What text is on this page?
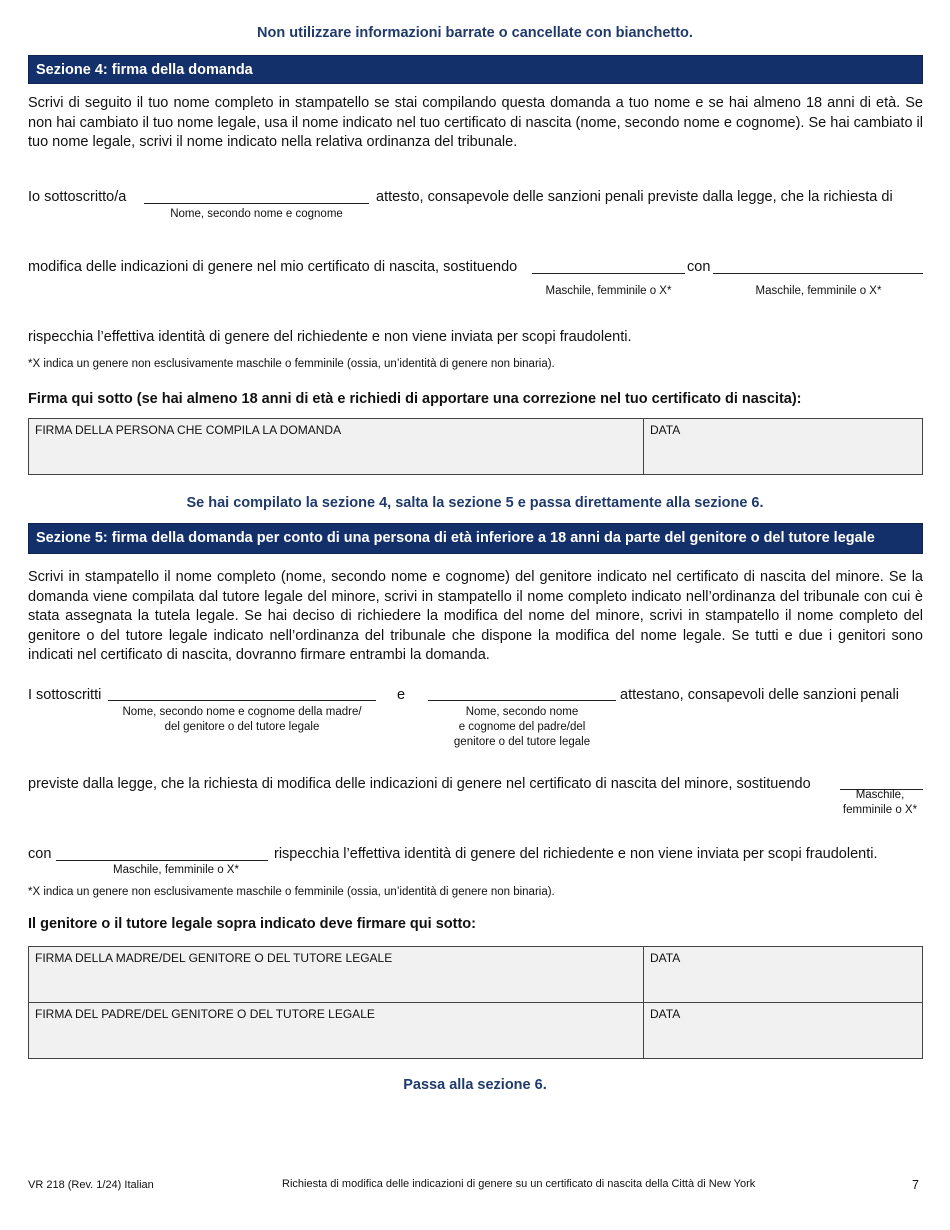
Non utilizzare informazioni barrate o cancellate con bianchetto.
Sezione 4: firma della domanda

Scrivi di seguito il tuo nome completo in stampatello se stai compilando questa domanda a tuo nome e se hai almeno 18 anni di età. Se non hai cambiato il tuo nome legale, usa il nome indicato nel tuo certificato di nascita (nome, secondo nome e cognome). Se hai cambiato il tuo nome legale, scrivi il nome indicato nella relativa ordinanza del tribunale.

Io sottoscritto/a
Nome, secondo nome e cognome
attesto, consapevole delle sanzioni penali previste dalla legge, che la richiesta di
modifica delle indicazioni di genere nel mio certificato di nascita, sostituendo
Maschile, femminile o X*
con
Maschile, femminile o X*
rispecchia l’effettiva identità di genere del richiedente e non viene inviata per scopi fraudolenti.
*X indica un genere non esclusivamente maschile o femminile (ossia, un’identità di genere non binaria).
Firma qui sotto (se hai almeno 18 anni di età e richiedi di apportare una correzione nel tuo certificato di nascita):
FIRMA DELLA PERSONA CHE COMPILA LA DOMANDA	DATA
Se hai compilato la sezione 4, salta la sezione 5 e passa direttamente alla sezione 6.
Sezione 5: firma della domanda per conto di una persona di età inferiore a 18 anni da parte del genitore o del tutore legale

Scrivi in stampatello il nome completo (nome, secondo nome e cognome) del genitore indicato nel certificato di nascita del minore. Se la domanda viene compilata dal tutore legale del minore, scrivi in stampatello il nome completo indicato nell’ordinanza del tribunale con cui è stata assegnata la tutela legale. Se hai deciso di richiedere la modifica del nome del minore, scrivi in stampatello il nome completo del genitore o del tutore legale indicato nell’ordinanza del tribunale che dispone la modifica del nome legale. Se tutti e due i genitori sono indicati nel certificato di nascita, dovranno firmare entrambi la domanda.

I sottoscritti
Nome, secondo nome e cognome della madre/
del genitore o del tutore legale
e
Nome, secondo nome
e cognome del padre/del
genitore o del tutore legale
attestano, consapevoli delle sanzioni penali
previste dalla legge, che la richiesta di modifica delle indicazioni di genere nel certificato di nascita del minore, sostituendo
Maschile,
femminile o X*
con
Maschile, femminile o X*
rispecchia l’effettiva identità di genere del richiedente e non viene inviata per scopi fraudolenti.
*X indica un genere non esclusivamente maschile o femminile (ossia, un’identità di genere non binaria).
Il genitore o il tutore legale sopra indicato deve firmare qui sotto:
FIRMA DELLA MADRE/DEL GENITORE O DEL TUTORE LEGALE	DATA
FIRMA DEL PADRE/DEL GENITORE O DEL TUTORE LEGALE	DATA
Passa alla sezione 6.
VR 218 (Rev. 1/24) Italian	Richiesta di modifica delle indicazioni di genere su un certificato di nascita della Città di New York	7
